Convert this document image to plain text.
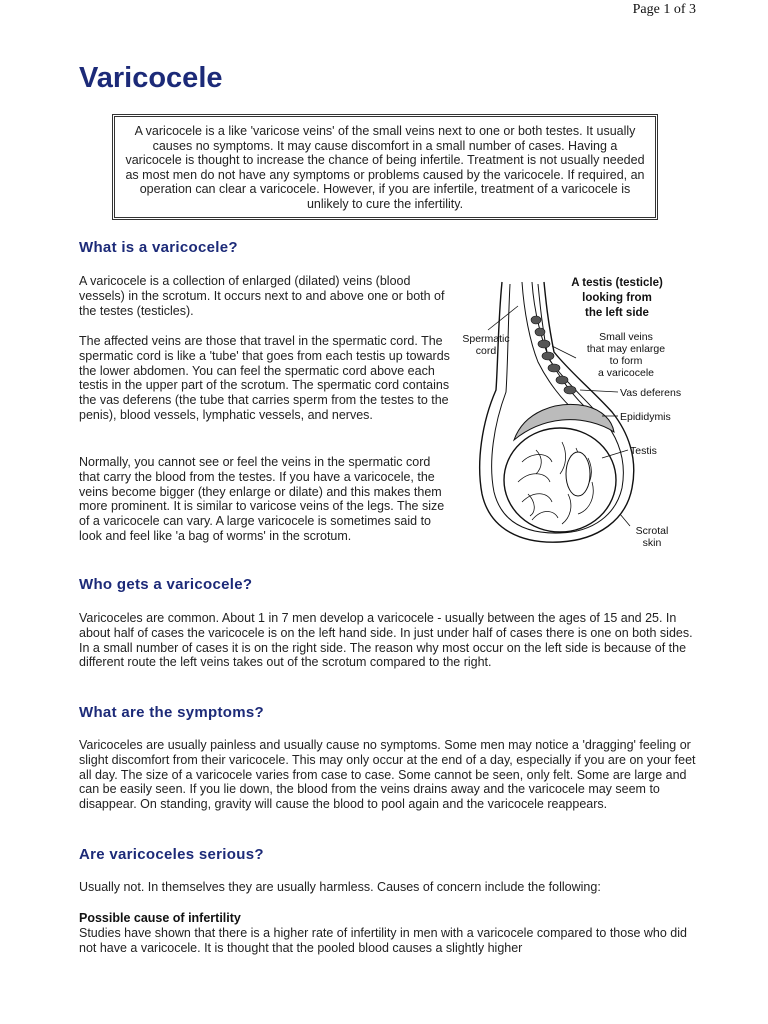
Page 1 of 3
Varicocele
A varicocele is a like 'varicose veins' of the small veins next to one or both testes. It usually causes no symptoms. It may cause discomfort in a small number of cases. Having a varicocele is thought to increase the chance of being infertile. Treatment is not usually needed as most men do not have any symptoms or problems caused by the varicocele. If required, an operation can clear a varicocele. However, if you are infertile, treatment of a varicocele is unlikely to cure the infertility.
What is a varicocele?

A varicocele is a collection of enlarged (dilated) veins (blood vessels) in the scrotum. It occurs next to and above one or both of the testes (testicles).

The affected veins are those that travel in the spermatic cord. The spermatic cord is like a 'tube' that goes from each testis up towards the lower abdomen. You can feel the spermatic cord above each testis in the upper part of the scrotum. The spermatic cord contains the vas deferens (the tube that carries sperm from the testes to the penis), blood vessels, lymphatic vessels, and nerves.

Normally, you cannot see or feel the veins in the spermatic cord that carry the blood from the testes. If you have a varicocele, the veins become bigger (they enlarge or dilate) and this makes them more prominent. It is similar to varicose veins of the legs. The size of a varicocele can vary. A large varicocele is sometimes said to look and feel like 'a bag of worms' in the scrotum.

A testis (testicle)
looking from
the left side
Spermatic
cord
Small veins
that may enlarge
to form
a varicocele
Vas deferens
Epididymis
Testis
Scrotal
skin
Who gets a varicocele?

Varicoceles are common. About 1 in 7 men develop a varicocele - usually between the ages of 15 and 25. In about half of cases the varicocele is on the left hand side. In just under half of cases there is one on both sides. In a small number of cases it is on the right side. The reason why most occur on the left side is because of the different route the left veins takes out of the scrotum compared to the right.

What are the symptoms?

Varicoceles are usually painless and usually cause no symptoms. Some men may notice a 'dragging' feeling or slight discomfort from their varicocele. This may only occur at the end of a day, especially if you are on your feet all day. The size of a varicocele varies from case to case. Some cannot be seen, only felt. Some are large and can be easily seen. If you lie down, the blood from the veins drains away and the varicocele may seem to disappear. On standing, gravity will cause the blood to pool again and the varicocele reappears.

Are varicoceles serious?

Usually not. In themselves they are usually harmless. Causes of concern include the following:

Possible cause of infertility

Studies have shown that there is a higher rate of infertility in men with a varicocele compared to those who did not have a varicocele. It is thought that the pooled blood causes a slightly higher
